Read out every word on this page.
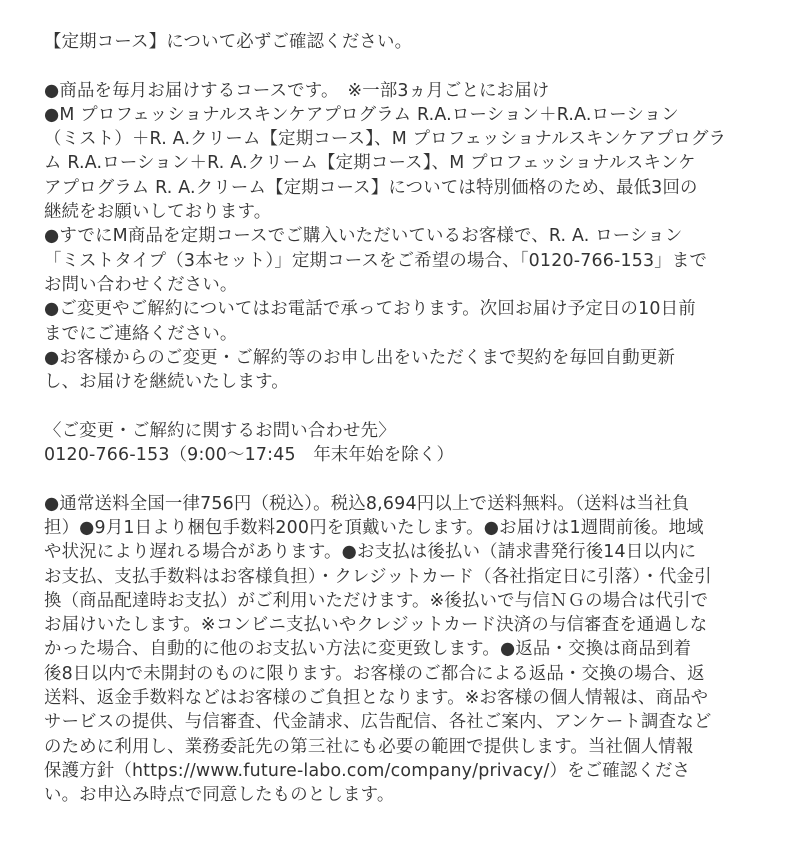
【定期コース】について必ずご確認ください。
●商品を毎月お届けするコースです。　※一部3ヵ月ごとにお届け
●M プロフェッショナルスキンケアプログラム R.A.ローション＋R.A.ローション
（ミスト）＋R. A.クリーム【定期コース】、M プロフェッショナルスキンケアプログラ
ム R.A.ローション＋R. A.クリーム【定期コース】、M プロフェッショナルスキンケ
アプログラム R. A.クリーム【定期コース】については特別価格のため、最低3回の
継続をお願いしております。
●すでにM商品を定期コースでご購入いただいているお客様で、R. A. ローション
「ミストタイプ（3本セット）」定期コースをご希望の場合、「0120-766-153」まで
お問い合わせください。
●ご変更やご解約についてはお電話で承っております。次回お届け予定日の10日前
までにご連絡ください。
●お客様からのご変更・ご解約等のお申し出をいただくまで契約を毎回自動更新
し、お届けを継続いたします。
〈ご変更・ご解約に関するお問い合わせ先〉
0120-766-153（9:00〜17:45　年末年始を除く）
●通常送料全国一律756円（税込）。税込8,694円以上で送料無料。（送料は当社負
担）●9月1日より梱包手数料200円を頂戴いたします。●お届けは1週間前後。地域
や状況により遅れる場合があります。●お支払は後払い（請求書発行後14日以内に
お支払、支払手数料はお客様負担）・クレジットカード（各社指定日に引落）・代金引
換（商品配達時お支払）がご利用いただけます。※後払いで与信ＮＧの場合は代引で
お届けいたします。※コンビニ支払いやクレジットカード決済の与信審査を通過しな
かった場合、自動的に他のお支払い方法に変更致します。●返品・交換は商品到着
後8日以内で未開封のものに限ります。お客様のご都合による返品・交換の場合、返
送料、返金手数料などはお客様のご負担となります。※お客様の個人情報は、商品や
サービスの提供、与信審査、代金請求、広告配信、各社ご案内、アンケート調査など
のために利用し、業務委託先の第三社にも必要の範囲で提供します。当社個人情報
保護方針（https://www.future-labo.com/company/privacy/）をご確認くださ
い。お申込み時点で同意したものとします。
